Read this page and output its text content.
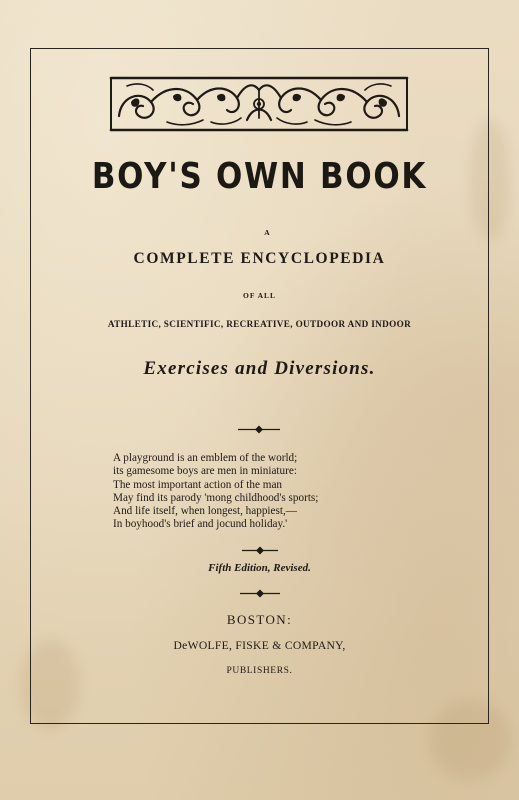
BOY'S OWN BOOK
A
COMPLETE ENCYCLOPEDIA
OF ALL
ATHLETIC, SCIENTIFIC, RECREATIVE, OUTDOOR AND INDOOR
Exercises and Diversions.
A playground is an emblem of the world;
its gamesome boys are men in miniature:
The most important action of the man
May find its parody 'mong childhood's sports;
And life itself, when longest, happiest,—
In boyhood's brief and jocund holiday.'
Fifth Edition, Revised.
BOSTON:
DeWOLFE, FISKE & COMPANY,
PUBLISHERS.
